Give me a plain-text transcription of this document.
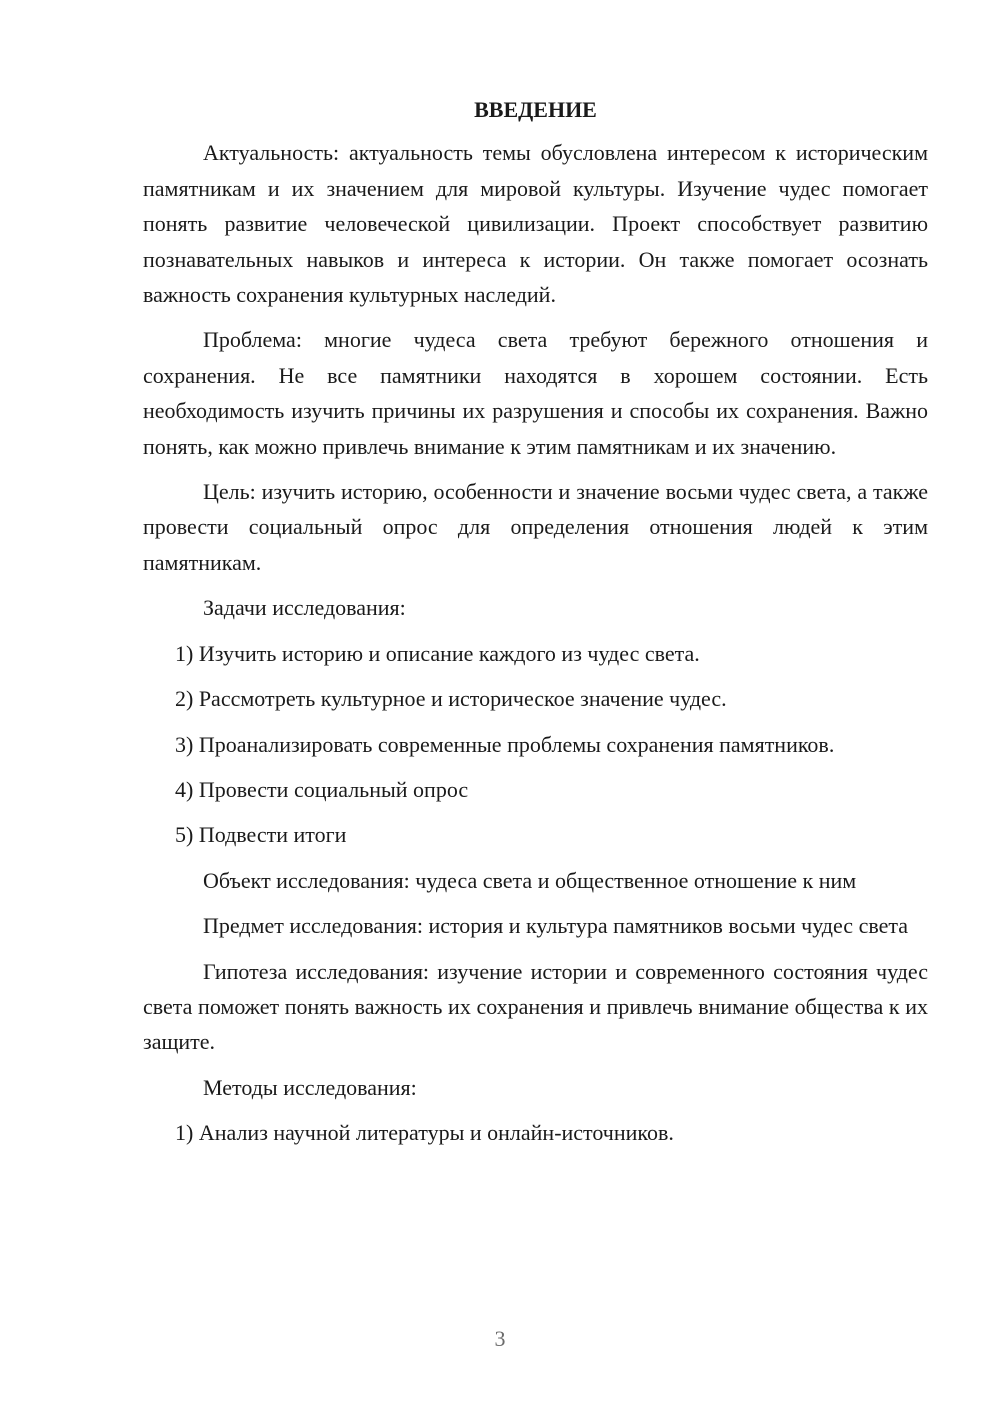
ВВЕДЕНИЕ

Актуальность: актуальность темы обусловлена интересом к историческим памятникам и их значением для мировой культуры. Изучение чудес помогает понять развитие человеческой цивилизации. Проект способствует развитию познавательных навыков и интереса к истории. Он также помогает осознать важность сохранения культурных наследий.

Проблема: многие чудеса света требуют бережного отношения и сохранения. Не все памятники находятся в хорошем состоянии. Есть необходимость изучить причины их разрушения и способы их сохранения. Важно понять, как можно привлечь внимание к этим памятникам и их значению.

Цель: изучить историю, особенности и значение восьми чудес света, а также провести социальный опрос для определения отношения людей к этим памятникам.

Задачи исследования:

1) Изучить историю и описание каждого из чудес света.

2) Рассмотреть культурное и историческое значение чудес.

3) Проанализировать современные проблемы сохранения памятников.

4) Провести социальный опрос

5) Подвести итоги

Объект исследования: чудеса света и общественное отношение к ним

Предмет исследования: история и культура памятников восьми чудес света

Гипотеза исследования: изучение истории и современного состояния чудес света поможет понять важность их сохранения и привлечь внимание общества к их защите.

Методы исследования:

1) Анализ научной литературы и онлайн-источников.

3
